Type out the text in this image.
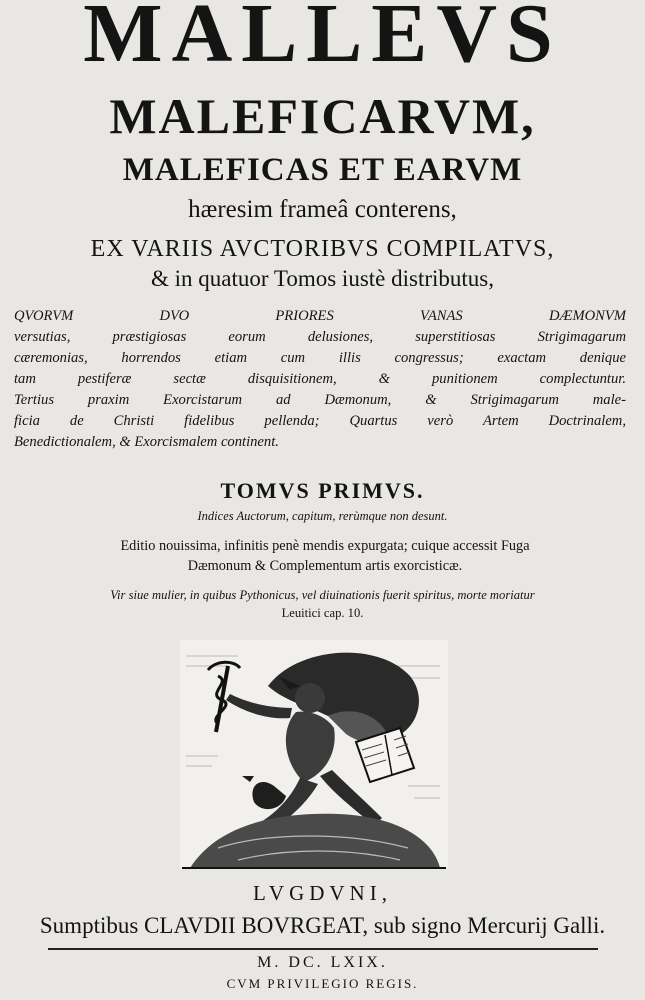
MALLEVS
MALEFICARVM,
MALEFICAS ET EARVM
hæresim frameâ conterens,
EX VARIIS AVCTORIBVS COMPILATVS,
& in quatuor Tomos iustè distributus,
QVORVM DVO PRIORES VANAS DÆMONVM
versutias, præstigiosas eorum delusiones, superstitiosas Strigimagarum
cæremonias, horrendos etiam cum illis congressus; exactam denique
tam pestiferæ sectæ disquisitionem, & punitionem complectuntur.
Tertius praxim Exorcistarum ad Dæmonum, & Strigimagarum male-
ficia de Christi fidelibus pellenda; Quartus verò Artem Doctrinalem,
Benedictionalem, & Exorcismalem continent.
TOMVS PRIMVS.
Indices Auctorum, capitum, rerùmque non desunt.
Editio nouissima, infinitis penè mendis expurgata; cuique accessit Fuga
Dæmonum & Complementum artis exorcisticæ.
Vir siue mulier, in quibus Pythonicus, vel diuinationis fuerit spiritus, morte moriatur
Leuitici cap. 10.
LVGDVNI,
Sumptibus CLAVDII BOVRGEAT, sub signo Mercurij Galli.
M. DC. LXIX.
CVM PRIVILEGIO REGIS.
